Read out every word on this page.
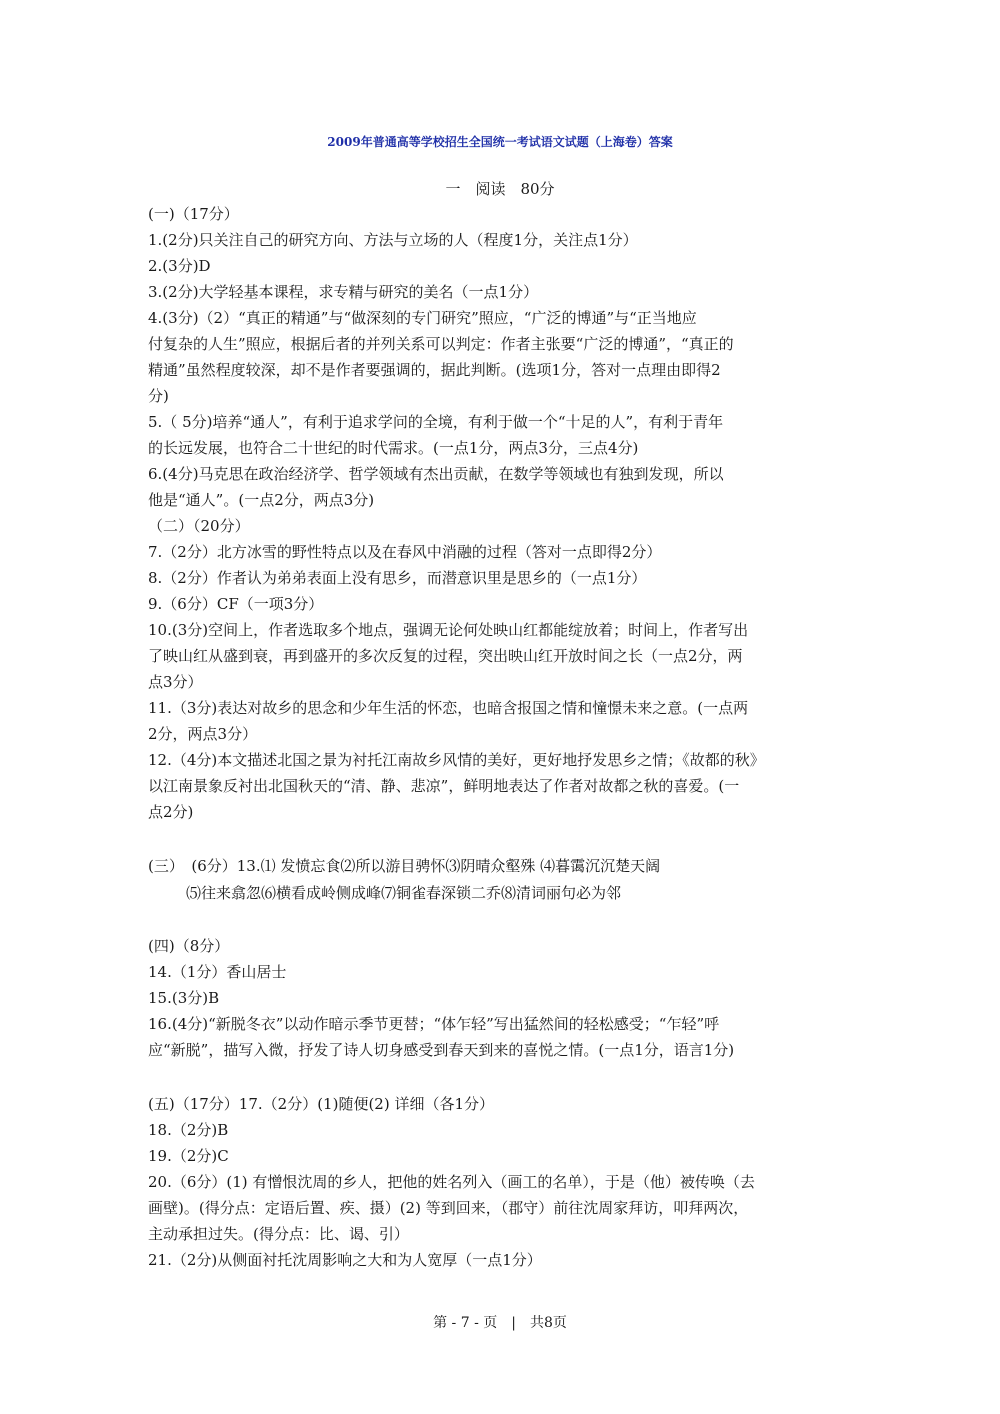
2009年普通高等学校招生全国统一考试语文试题（上海卷）答案
一　阅读　80分
(一)（17分）
1.(2分)只关注自己的研究方向、方法与立场的人（程度1分，关注点1分）
2.(3分)D
3.(2分)大学轻基本课程，求专精与研究的美名（一点1分）
4.(3分)（2）“真正的精通”与“做深刻的专门研究”照应，“广泛的博通”与“正当地应
付复杂的人生”照应，根据后者的并列关系可以判定：作者主张要“广泛的博通”，“真正的
精通”虽然程度较深，却不是作者要强调的，据此判断。(选项1分，答对一点理由即得2
分)
5.（ 5分)培养“通人”，有利于追求学问的全境，有利于做一个“十足的人”，有利于青年
的长远发展，也符合二十世纪的时代需求。(一点1分，两点3分，三点4分)
6.(4分)马克思在政治经济学、哲学领域有杰出贡献，在数学等领域也有独到发现，所以
他是“通人”。(一点2分，两点3分)
（二）（20分）
7.（2分）北方冰雪的野性特点以及在春风中消融的过程（答对一点即得2分）
8.（2分）作者认为弟弟表面上没有思乡，而潜意识里是思乡的（一点1分）
9.（6分）CF（一项3分）
10.(3分)空间上，作者选取多个地点，强调无论何处映山红都能绽放着；时间上，作者写出
了映山红从盛到衰，再到盛开的多次反复的过程，突出映山红开放时间之长（一点2分，两
点3分）
11.（3分)表达对故乡的思念和少年生活的怀恋，也暗含报国之情和憧憬未来之意。(一点两
2分，两点3分）
12.（4分)本文描述北国之景为衬托江南故乡风情的美好，更好地抒发思乡之情；《故都的秋》
以江南景象反衬出北国秋天的“清、静、悲凉”，鲜明地表达了作者对故都之秋的喜爱。(一
点2分)
(三）　(6分）13.⑴ 发愤忘食⑵所以游目骋怀⑶阴晴众壑殊 ⑷暮霭沉沉楚天阔
⑸往来翕忽⑹横看成岭侧成峰⑺铜雀春深锁二乔⑻清词丽句必为邻
(四)（8分）
14.（1分）香山居士
15.(3分)B
16.(4分)“新脱冬衣”以动作暗示季节更替；“体乍轻”写出猛然间的轻松感受；“乍轻”呼
应“新脱”，描写入微，抒发了诗人切身感受到春天到来的喜悦之情。(一点1分，语言1分)
(五)（17分）17.（2分）(1)随便(2) 详细（各1分）
18.（2分)B
19.（2分)C
20.（6分）(1) 有憎恨沈周的乡人，把他的姓名列入（画工的名单），于是（他）被传唤（去
画壁)。(得分点：定语后置、疾、摄）(2) 等到回来，（郡守）前往沈周家拜访，叩拜两次，
主动承担过失。(得分点：比、谒、引）
21.（2分)从侧面衬托沈周影响之大和为人宽厚（一点1分）
第 - 7 - 页　|　共8页
